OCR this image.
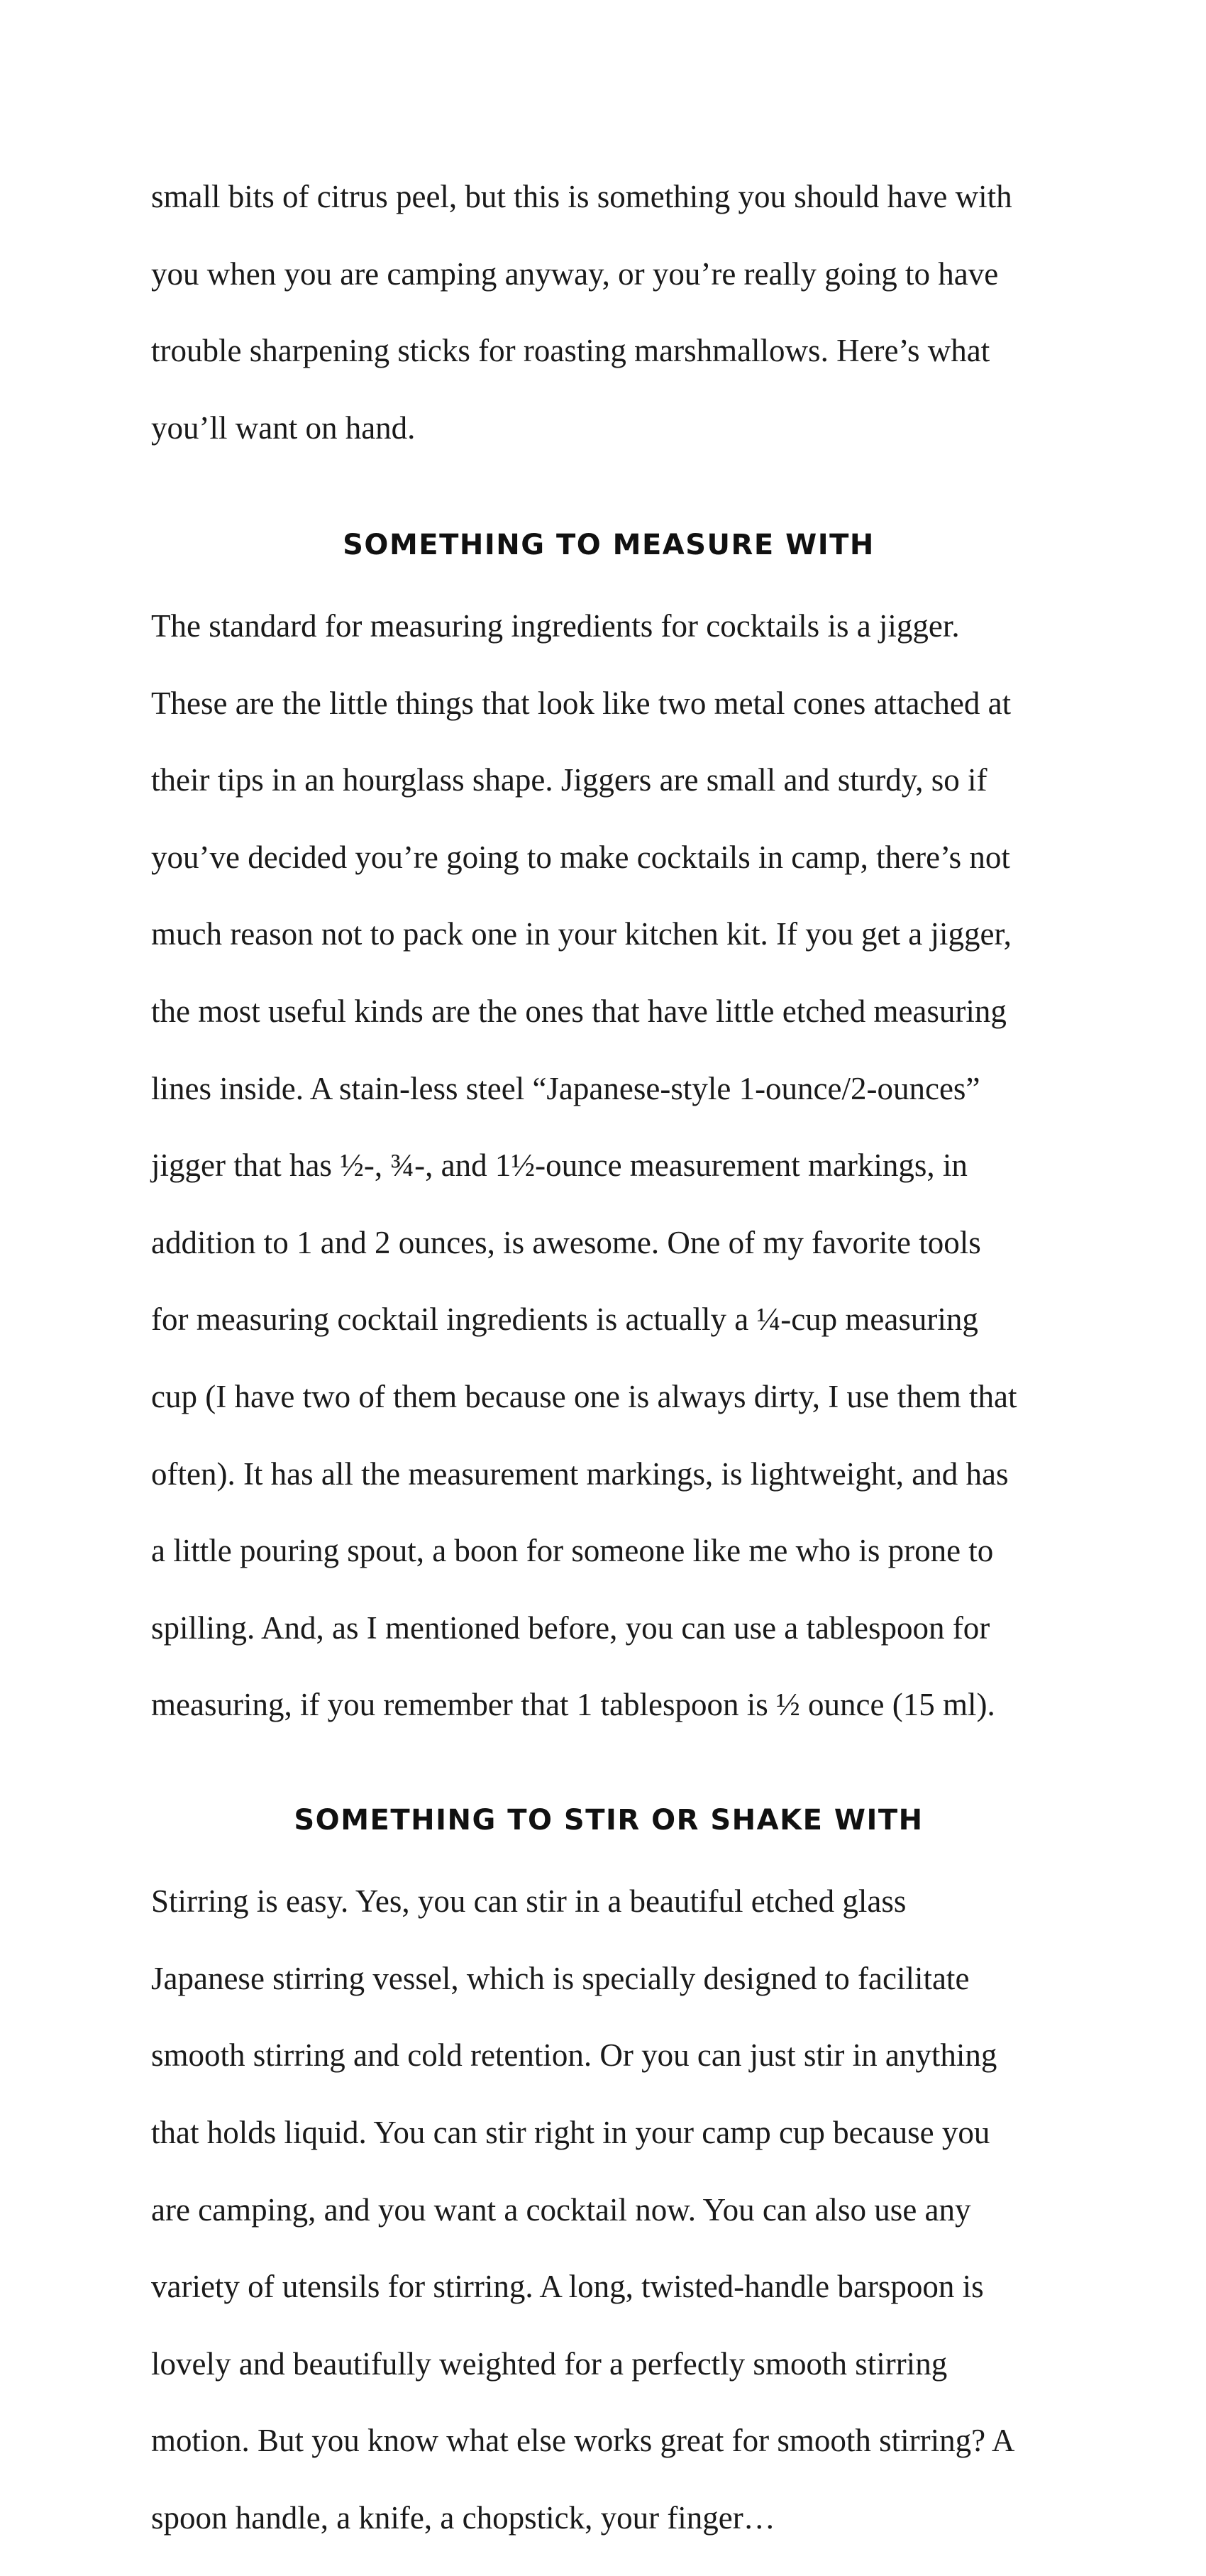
small bits of citrus peel, but this is something you should have with

you when you are camping anyway, or you’re really going to have

trouble sharpening sticks for roasting marshmallows. Here’s what

you’ll want on hand.

SOMETHING TO MEASURE WITH

The standard for measuring ingredients for cocktails is a jigger.

These are the little things that look like two metal cones attached at

their tips in an hourglass shape. Jiggers are small and sturdy, so if

you’ve decided you’re going to make cocktails in camp, there’s not

much reason not to pack one in your kitchen kit. If you get a jigger,

the most useful kinds are the ones that have little etched measuring

lines inside. A stain-less steel “Japanese-style 1-ounce/2-ounces”

jigger that has ½-, ¾-, and 1½-ounce measurement markings, in

addition to 1 and 2 ounces, is awesome. One of my favorite tools

for measuring cocktail ingredients is actually a ¼-cup measuring

cup (I have two of them because one is always dirty, I use them that

often). It has all the measurement markings, is lightweight, and has

a little pouring spout, a boon for someone like me who is prone to

spilling. And, as I mentioned before, you can use a tablespoon for

measuring, if you remember that 1 tablespoon is ½ ounce (15 ml).

SOMETHING TO STIR OR SHAKE WITH

Stirring is easy. Yes, you can stir in a beautiful etched glass

Japanese stirring vessel, which is specially designed to facilitate

smooth stirring and cold retention. Or you can just stir in anything

that holds liquid. You can stir right in your camp cup because you

are camping, and you want a cocktail now. You can also use any

variety of utensils for stirring. A long, twisted-handle barspoon is

lovely and beautifully weighted for a perfectly smooth stirring

motion. But you know what else works great for smooth stirring? A

spoon handle, a knife, a chopstick, your finger…
